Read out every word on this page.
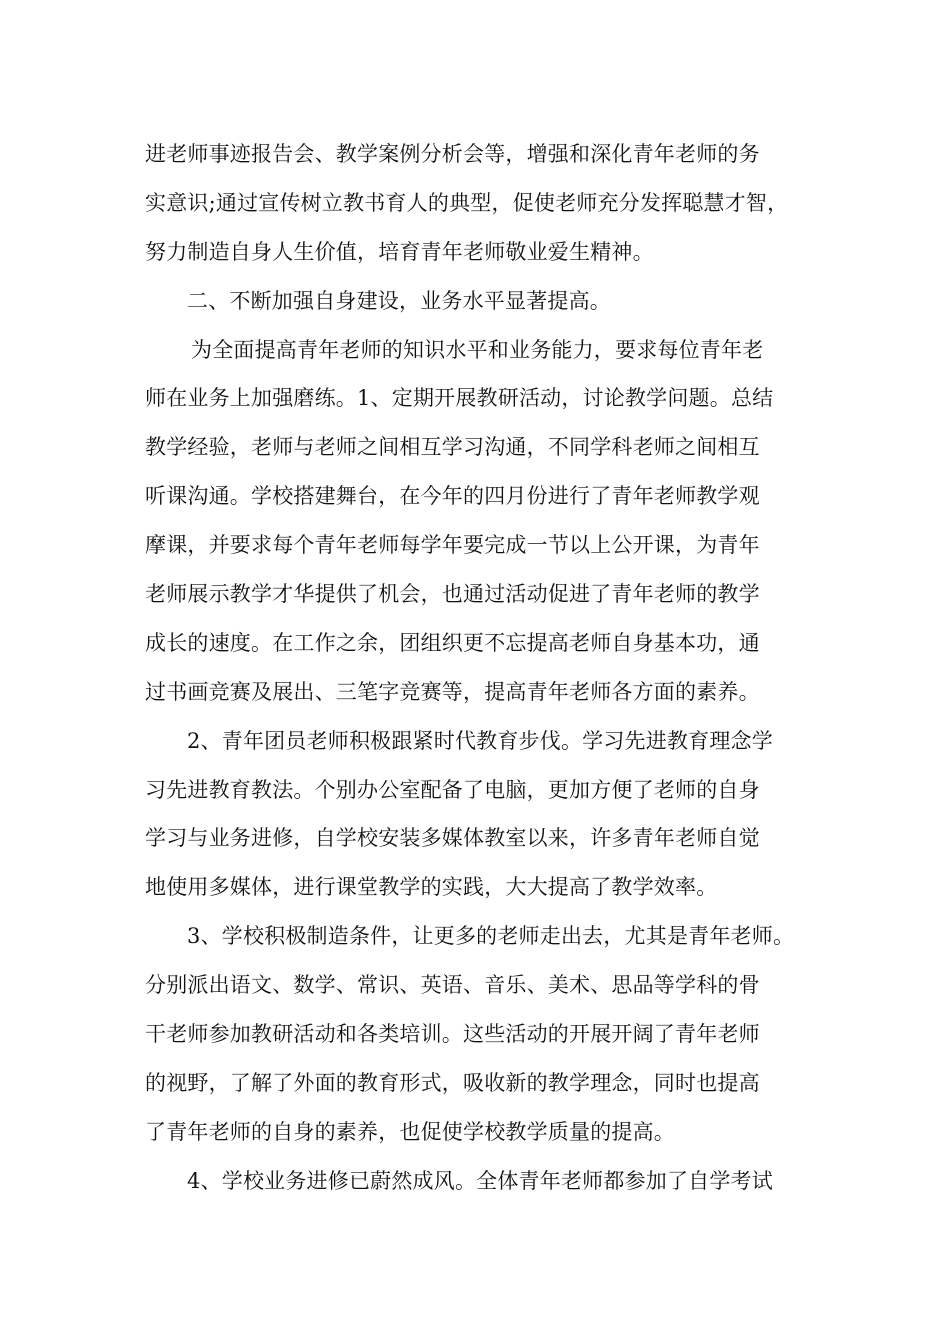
进老师事迹报告会、教学案例分析会等，增强和深化青年老师的务
实意识;通过宣传树立教书育人的典型，促使老师充分发挥聪慧才智，
努力制造自身人生价值，培育青年老师敬业爱生精神。
二、不断加强自身建设，业务水平显著提高。
为全面提高青年老师的知识水平和业务能力，要求每位青年老
师在业务上加强磨练。1、定期开展教研活动，讨论教学问题。总结
教学经验，老师与老师之间相互学习沟通，不同学科老师之间相互
听课沟通。学校搭建舞台，在今年的四月份进行了青年老师教学观
摩课，并要求每个青年老师每学年要完成一节以上公开课，为青年
老师展示教学才华提供了机会，也通过活动促进了青年老师的教学
成长的速度。在工作之余，团组织更不忘提高老师自身基本功，通
过书画竞赛及展出、三笔字竞赛等，提高青年老师各方面的素养。
2、青年团员老师积极跟紧时代教育步伐。学习先进教育理念学
习先进教育教法。个别办公室配备了电脑，更加方便了老师的自身
学习与业务进修，自学校安装多媒体教室以来，许多青年老师自觉
地使用多媒体，进行课堂教学的实践，大大提高了教学效率。
3、学校积极制造条件，让更多的老师走出去，尤其是青年老师。
分别派出语文、数学、常识、英语、音乐、美术、思品等学科的骨
干老师参加教研活动和各类培训。这些活动的开展开阔了青年老师
的视野，了解了外面的教育形式，吸收新的教学理念，同时也提高
了青年老师的自身的素养，也促使学校教学质量的提高。
4、学校业务进修已蔚然成风。全体青年老师都参加了自学考试
